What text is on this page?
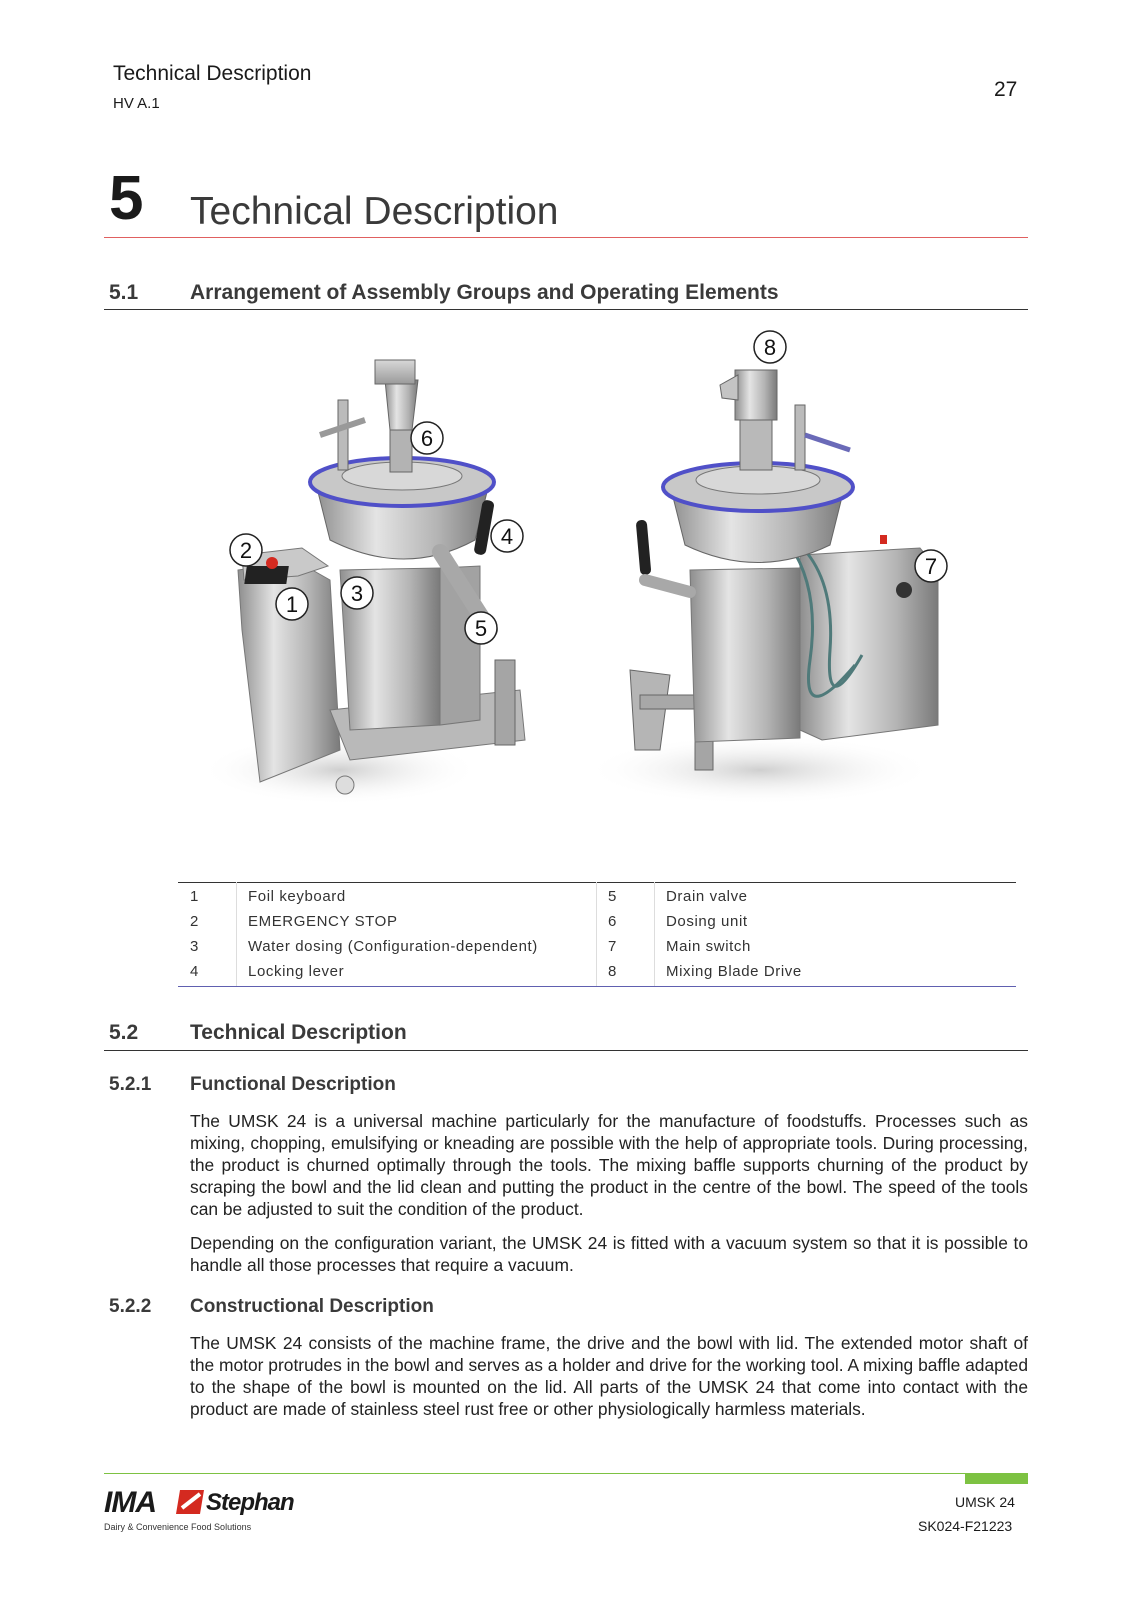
Technical Description
HV A.1
27
5 Technical Description
5.1 Arrangement of Assembly Groups and Operating Elements
1
2
3
4
5
6
7
8
1	Foil keyboard	5	Drain valve
2	EMERGENCY STOP	6	Dosing unit
3	Water dosing (Configuration-dependent)	7	Main switch
4	Locking lever	8	Mixing Blade Drive
5.2 Technical Description
5.2.1 Functional Description
The UMSK 24 is a universal machine particularly for the manufacture of foodstuffs. Processes such as mixing, chopping, emulsifying or kneading are possible with the help of appropriate tools. During processing, the product is churned optimally through the tools. The mixing baffle supports churning of the product by scraping the bowl and the lid clean and putting the product in the centre of the bowl. The speed of the tools can be adjusted to suit the condition of the product.
Depending on the configuration variant, the UMSK 24 is fitted with a vacuum system so that it is possible to handle all those processes that require a vacuum.
5.2.2 Constructional Description
The UMSK 24 consists of the machine frame, the drive and the bowl with lid. The extended motor shaft of the motor protrudes in the bowl and serves as a holder and drive for the working tool. A mixing baffle adapted to the shape of the bowl is mounted on the lid. All parts of the UMSK 24 that come into contact with the product are made of stainless steel rust free or other physiologically harmless materials.
IMA Stephan
Dairy & Convenience Food Solutions
UMSK 24
SK024-F21223
